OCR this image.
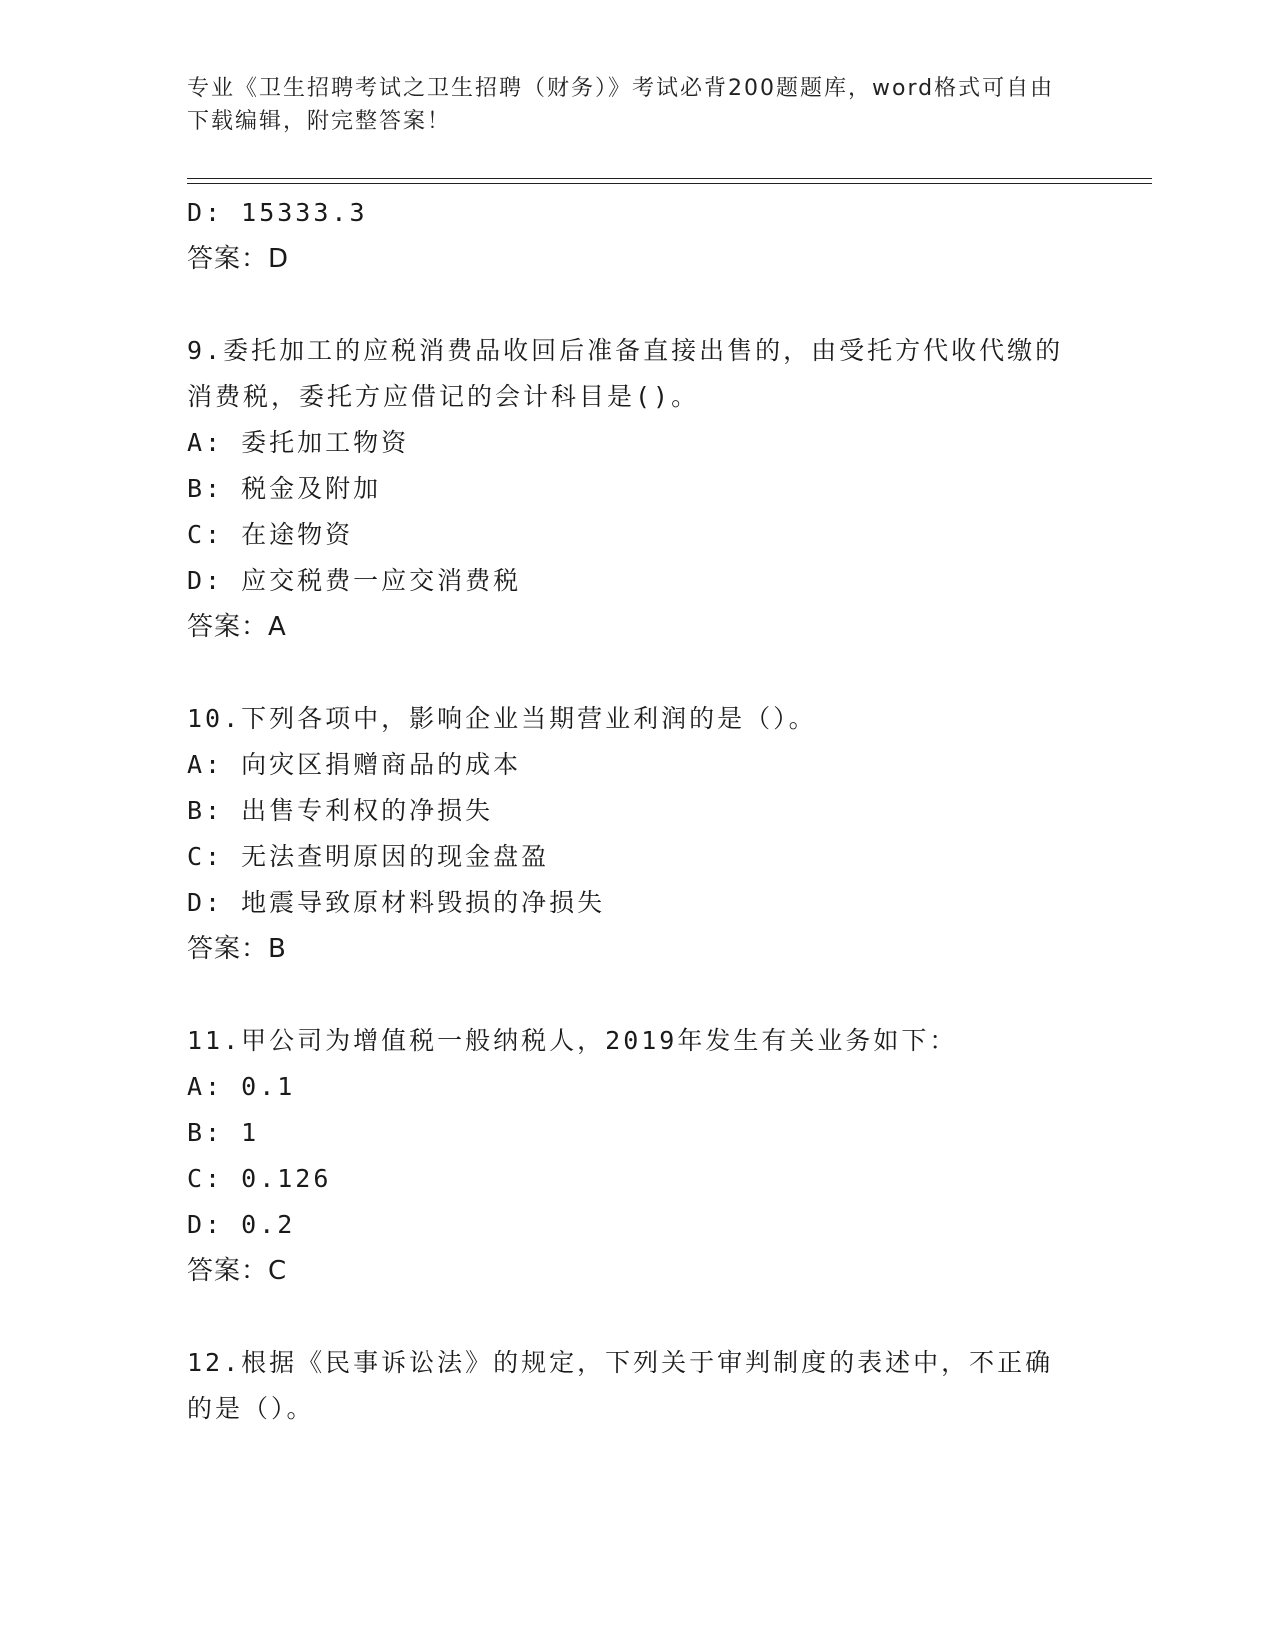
专业《卫生招聘考试之卫生招聘（财务）》考试必背200题题库，word格式可自由下载编辑，附完整答案！
D: 15333.3
答案：D
9.委托加工的应税消费品收回后准备直接出售的，由受托方代收代缴的消费税，委托方应借记的会计科目是()。
A: 委托加工物资
B: 税金及附加
C: 在途物资
D: 应交税费一应交消费税
答案：A
10.下列各项中，影响企业当期营业利润的是（）。
A: 向灾区捐赠商品的成本
B: 出售专利权的净损失
C: 无法查明原因的现金盘盈
D: 地震导致原材料毁损的净损失
答案：B
11.甲公司为增值税一般纳税人，2019年发生有关业务如下：
A: 0.1
B: 1
C: 0.126
D: 0.2
答案：C
12.根据《民事诉讼法》的规定，下列关于审判制度的表述中，不正确的是（）。
